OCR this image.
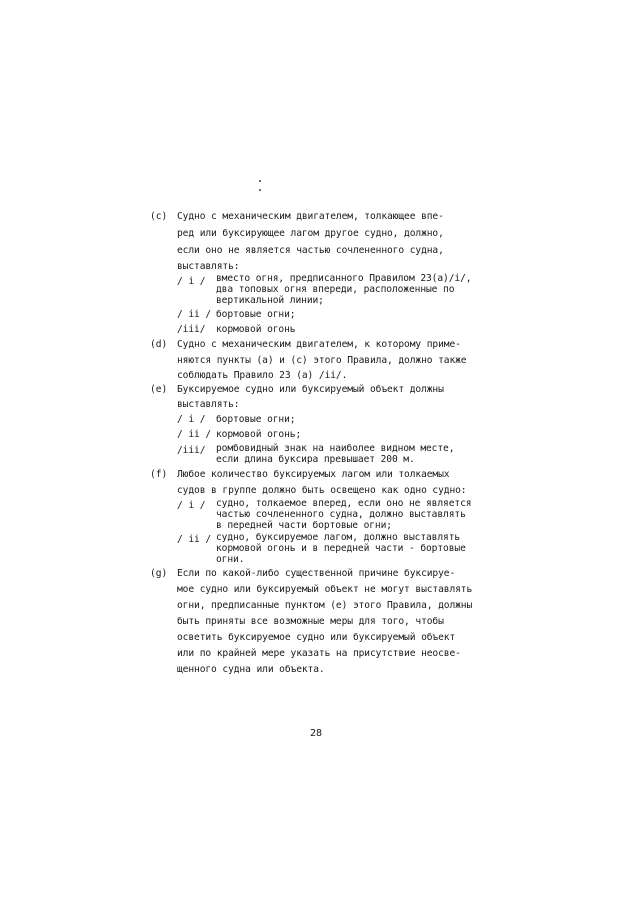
(c) Судно с механическим двигателем, толкающее впе-
ред или буксирующее лагом другое судно, должно,
если оно не является частью сочлененного судна,
выставлять:
/ i / вместо огня, предписанного Правилом 23(a)/i/,
два топовых огня впереди, расположенные по
вертикальной линии;
/ ii / бортовые огни;
/iii/ кормовой огонь
(d) Судно с механическим двигателем, к которому приме-
няются пункты (a) и (c) этого Правила, должно также
соблюдать Правило 23 (a) /ii/.
(e) Буксируемое судно или буксируемый объект должны
выставлять:
/ i / бортовые огни;
/ ii / кормовой огонь;
/iii/ ромбовидный знак на наиболее видном месте,
если длина буксира превышает 200 м.
(f) Любое количество буксируемых лагом или толкаемых
судов в группе должно быть освещено как одно судно:
/ i / судно, толкаемое вперед, если оно не является
частью сочлененного судна, должно выставлять
в передней части бортовые огни;
/ ii / судно, буксируемое лагом, должно выставлять
кормовой огонь и в передней части - бортовые
огни.
(g) Если по какой-либо существенной причине буксируе-
мое судно или буксируемый объект не могут выставлять
огни, предписанные пунктом (e) этого Правила, должны
быть приняты все возможные меры для того, чтобы
осветить буксируемое судно или буксируемый объект
или по крайней мере указать на присутствие неосве-
щенного судна или объекта.
28
